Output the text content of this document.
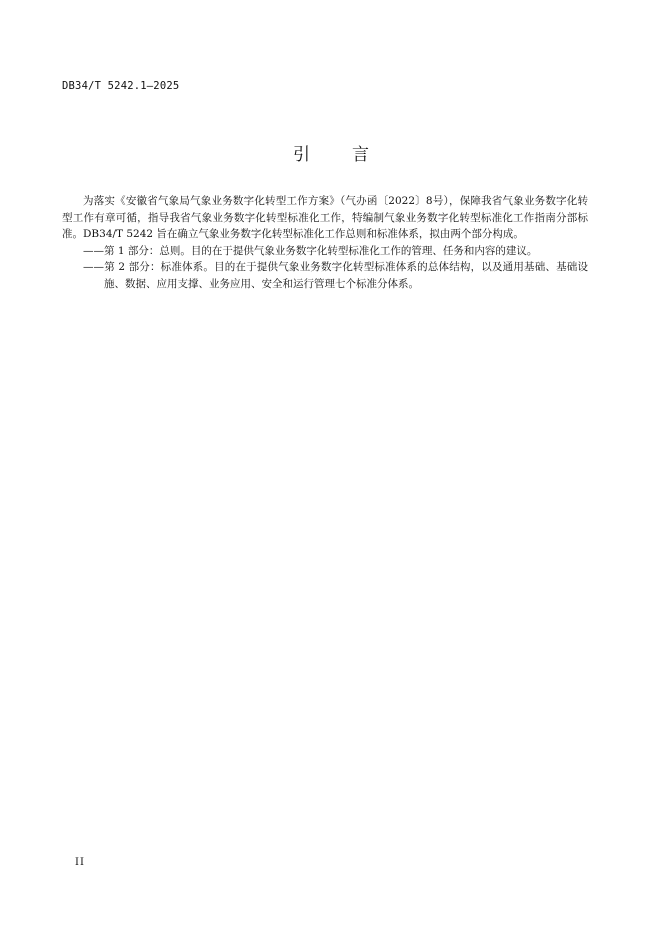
DB34/T 5242.1—2025
引言

为落实《安徽省气象局气象业务数字化转型工作方案》（气办函〔2022〕8号），保障我省气象业务数字化转型工作有章可循，指导我省气象业务数字化转型标准化工作，特编制气象业务数字化转型标准化工作指南分部标准。DB34/T 5242 旨在确立气象业务数字化转型标准化工作总则和标准体系，拟由两个部分构成。

——第 1 部分：总则。目的在于提供气象业务数字化转型标准化工作的管理、任务和内容的建议。

——第 2 部分：标准体系。目的在于提供气象业务数字化转型标准体系的总体结构，以及通用基础、基础设施、数据、应用支撑、业务应用、安全和运行管理七个标准分体系。

II
